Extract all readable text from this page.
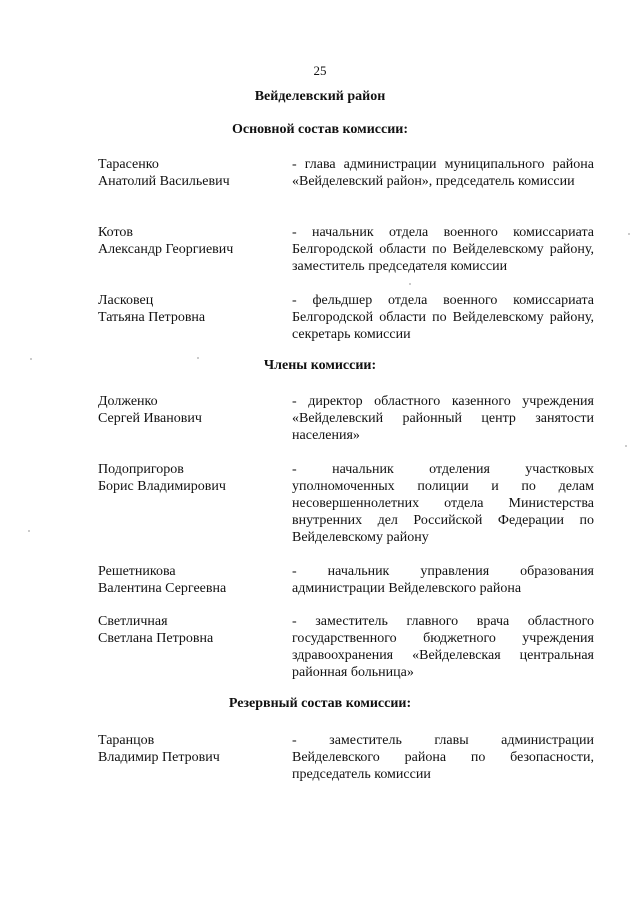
25
Вейделевский район
Основной состав комиссии:
Тарасенко
Анатолий Васильевич
- глава администрации муниципального района «Вейделевский район», председатель комиссии
Котов
Александр Георгиевич
- начальник отдела военного комиссариата Белгородской области по Вейделевскому району, заместитель председателя комиссии
Ласковец
Татьяна Петровна
- фельдшер отдела военного комиссариата Белгородской области по Вейделевскому району, секретарь комиссии
Члены комиссии:
Долженко
Сергей Иванович
- директор областного казенного учреждения «Вейделевский районный центр занятости населения»
Подопригоров
Борис Владимирович
- начальник отделения участковых уполномоченных полиции и по делам несовершеннолетних отдела Министерства внутренних дел Российской Федерации по Вейделевскому району
Решетникова
Валентина Сергеевна
- начальник управления образования администрации Вейделевского района
Светличная
Светлана Петровна
- заместитель главного врача областного государственного бюджетного учреждения здравоохранения «Вейделевская центральная районная больница»
Резервный состав комиссии:
Таранцов
Владимир Петрович
- заместитель главы администрации Вейделевского района по безопасности, председатель комиссии
